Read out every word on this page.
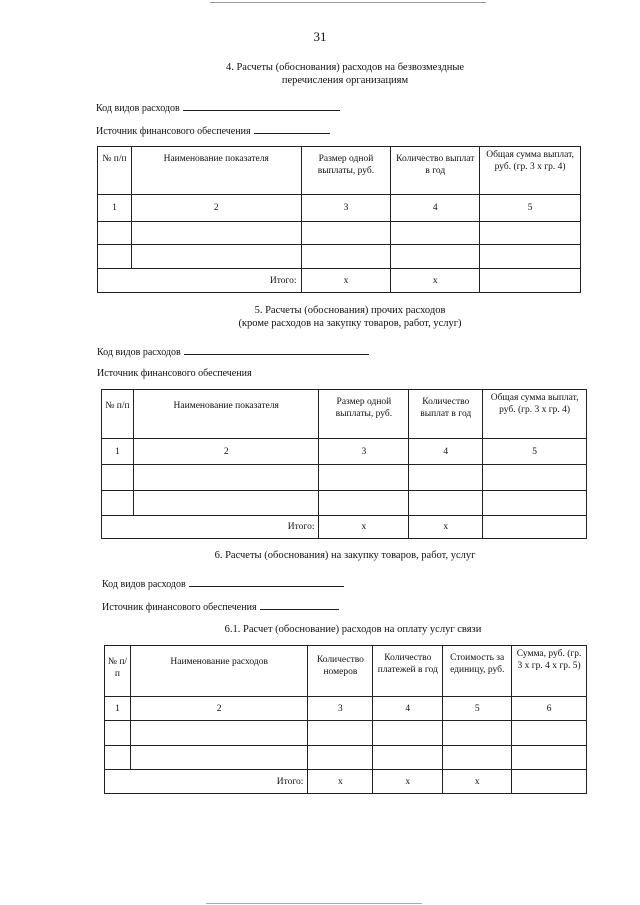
31
4. Расчеты (обоснования) расходов на безвозмездные
перечисления организациям
Код видов расходов
Источник финансового обеспечения
№ п/п	Наименование показателя	Размер одной выплаты, руб.	Количество выплат в год	Общая сумма выплат, руб. (гр. 3 х гр. 4)
1	2	3	4	5

Итого:		х	х	
5. Расчеты (обоснования) прочих расходов
(кроме расходов на закупку товаров, работ, услуг)
Код видов расходов
Источник финансового обеспечения
№ п/п	Наименование показателя	Размер одной выплаты, руб.	Количество выплат в год	Общая сумма выплат, руб. (гр. 3 х гр. 4)
1	2	3	4	5

Итого:		х	х	
6. Расчеты (обоснования) на закупку товаров, работ, услуг
Код видов расходов
Источник финансового обеспечения
6.1. Расчет (обоснование) расходов на оплату услуг связи
№ п/п	Наименование расходов	Количество номеров	Количество платежей в год	Стоимость за единицу, руб.	Сумма, руб. (гр. 3 х гр. 4 х гр. 5)
1	2	3	4	5	6

Итого:		х	х	х	
